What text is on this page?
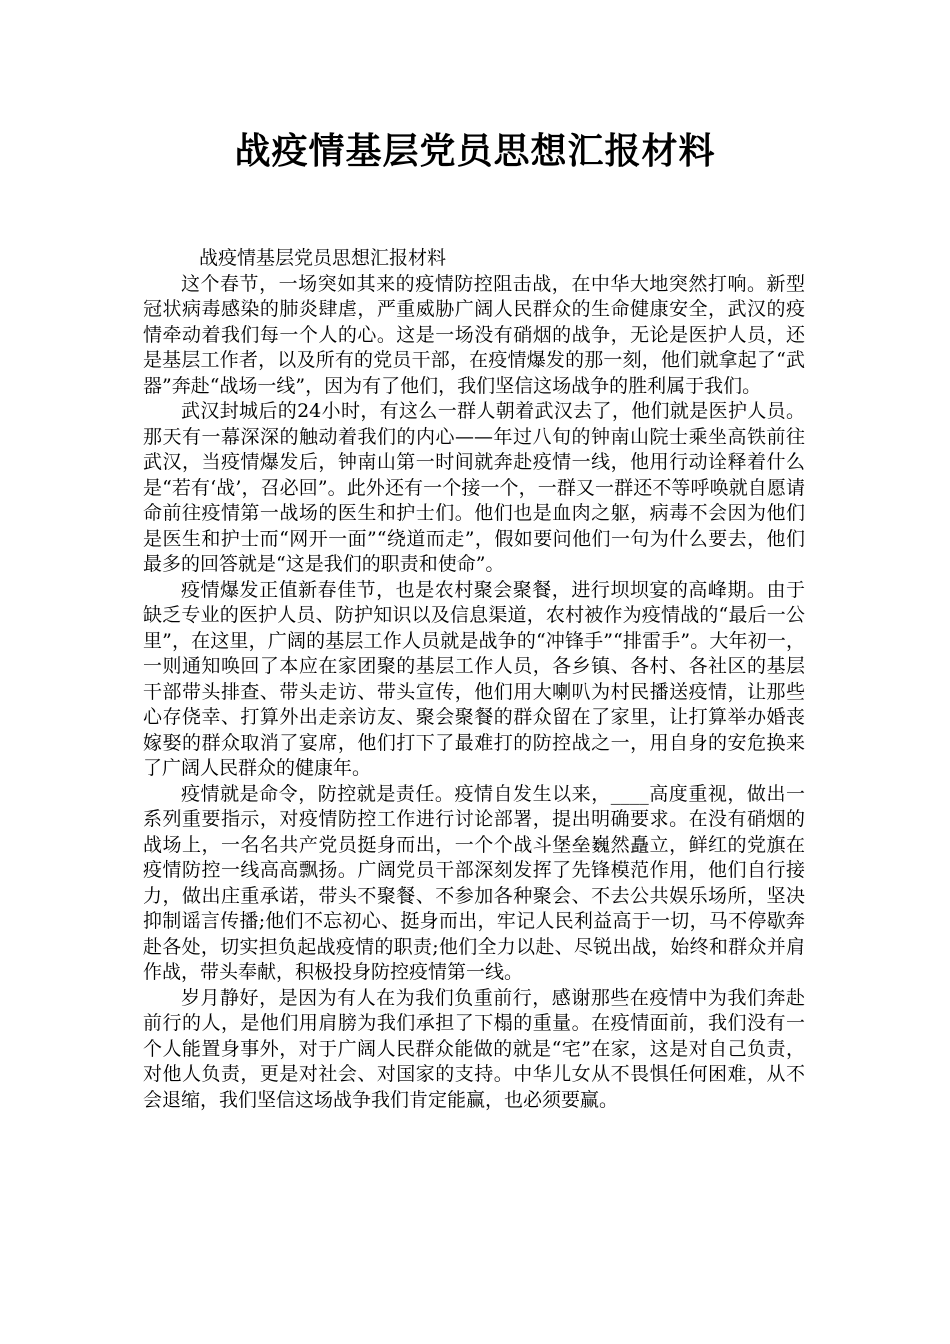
战疫情基层党员思想汇报材料

战疫情基层党员思想汇报材料

这个春节，一场突如其来的疫情防控阻击战，在中华大地突然打响。新型冠状病毒感染的肺炎肆虐，严重威胁广阔人民群众的生命健康安全，武汉的疫情牵动着我们每一个人的心。这是一场没有硝烟的战争，无论是医护人员，还是基层工作者，以及所有的党员干部，在疫情爆发的那一刻，他们就拿起了“武器”奔赴“战场一线”，因为有了他们，我们坚信这场战争的胜利属于我们。

武汉封城后的24小时，有这么一群人朝着武汉去了，他们就是医护人员。那天有一幕深深的触动着我们的内心——年过八旬的钟南山院士乘坐高铁前往武汉，当疫情爆发后，钟南山第一时间就奔赴疫情一线，他用行动诠释着什么是“若有‘战’，召必回”。此外还有一个接一个，一群又一群还不等呼唤就自愿请命前往疫情第一战场的医生和护士们。他们也是血肉之躯，病毒不会因为他们是医生和护士而“网开一面”“绕道而走”，假如要问他们一句为什么要去，他们最多的回答就是“这是我们的职责和使命”。

疫情爆发正值新春佳节，也是农村聚会聚餐，进行坝坝宴的高峰期。由于缺乏专业的医护人员、防护知识以及信息渠道，农村被作为疫情战的“最后一公里”，在这里，广阔的基层工作人员就是战争的“冲锋手”“排雷手”。大年初一，一则通知唤回了本应在家团聚的基层工作人员，各乡镇、各村、各社区的基层干部带头排查、带头走访、带头宣传，他们用大喇叭为村民播送疫情，让那些心存侥幸、打算外出走亲访友、聚会聚餐的群众留在了家里，让打算举办婚丧嫁娶的群众取消了宴席，他们打下了最难打的防控战之一，用自身的安危换来了广阔人民群众的健康年。

疫情就是命令，防控就是责任。疫情自发生以来，____高度重视，做出一系列重要指示，对疫情防控工作进行讨论部署，提出明确要求。在没有硝烟的战场上，一名名共产党员挺身而出，一个个战斗堡垒巍然矗立，鲜红的党旗在疫情防控一线高高飘扬。广阔党员干部深刻发挥了先锋模范作用，他们自行接力，做出庄重承诺，带头不聚餐、不参加各种聚会、不去公共娱乐场所，坚决抑制谣言传播;他们不忘初心、挺身而出，牢记人民利益高于一切，马不停歇奔赴各处，切实担负起战疫情的职责;他们全力以赴、尽锐出战，始终和群众并肩作战，带头奉献，积极投身防控疫情第一线。

岁月静好，是因为有人在为我们负重前行，感谢那些在疫情中为我们奔赴前行的人，是他们用肩膀为我们承担了下榻的重量。在疫情面前，我们没有一个人能置身事外，对于广阔人民群众能做的就是“宅”在家，这是对自己负责，对他人负责，更是对社会、对国家的支持。中华儿女从不畏惧任何困难，从不会退缩，我们坚信这场战争我们肯定能赢，也必须要赢。
